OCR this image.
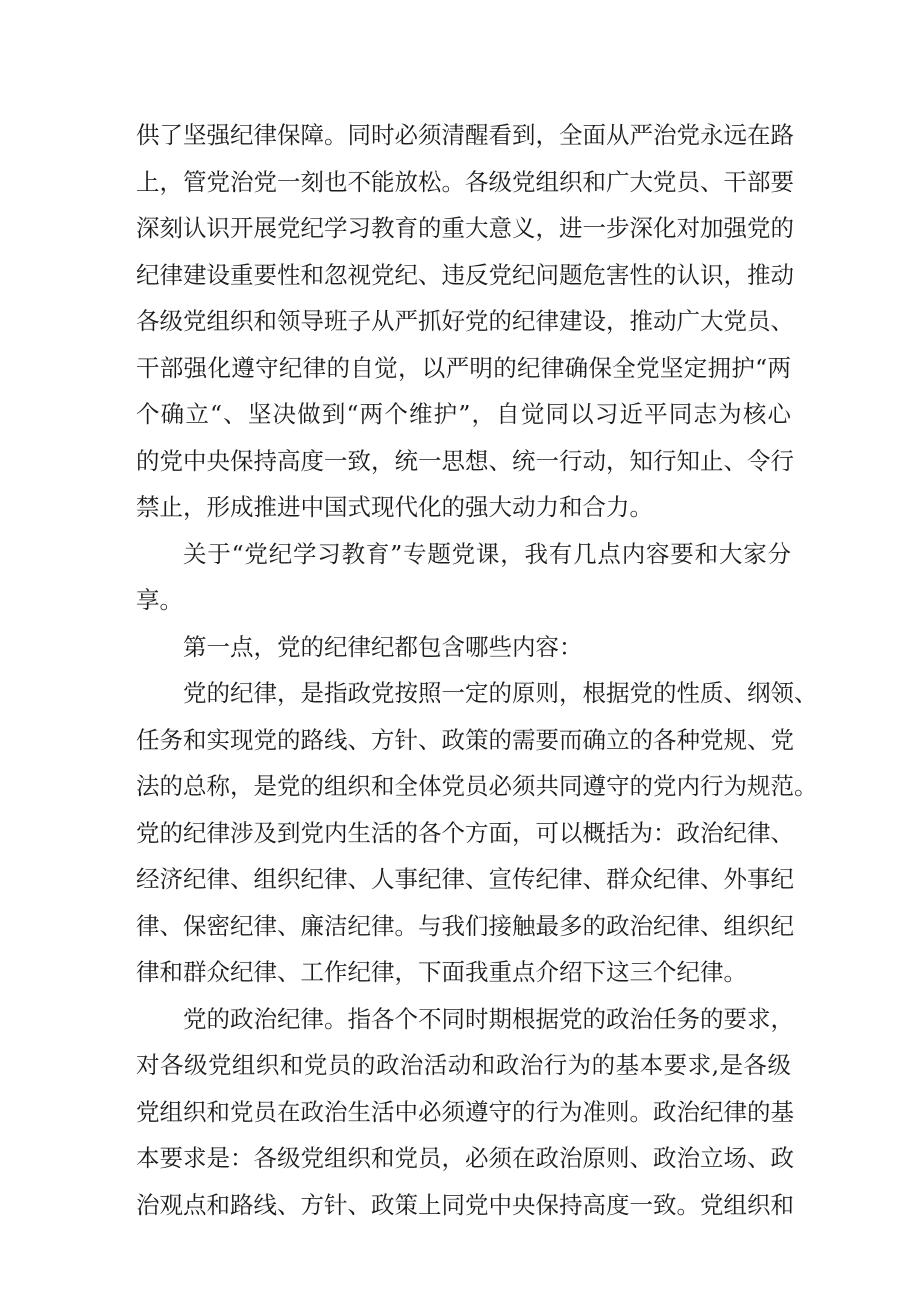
供了坚强纪律保障。同时必须清醒看到，全面从严治党永远在路
上，管党治党一刻也不能放松。各级党组织和广大党员、干部要
深刻认识开展党纪学习教育的重大意义，进一步深化对加强党的
纪律建设重要性和忽视党纪、违反党纪问题危害性的认识，推动
各级党组织和领导班子从严抓好党的纪律建设，推动广大党员、
干部强化遵守纪律的自觉，以严明的纪律确保全党坚定拥护“两
个确立“、坚决做到“两个维护”，自觉同以习近平同志为核心
的党中央保持高度一致，统一思想、统一行动，知行知止、令行
禁止，形成推进中国式现代化的强大动力和合力。
关于“党纪学习教育”专题党课，我有几点内容要和大家分
享。
第一点，党的纪律纪都包含哪些内容：
党的纪律，是指政党按照一定的原则，根据党的性质、纲领、
任务和实现党的路线、方针、政策的需要而确立的各种党规、党
法的总称，是党的组织和全体党员必须共同遵守的党内行为规范。
党的纪律涉及到党内生活的各个方面，可以概括为：政治纪律、
经济纪律、组织纪律、人事纪律、宣传纪律、群众纪律、外事纪
律、保密纪律、廉洁纪律。与我们接触最多的政治纪律、组织纪
律和群众纪律、工作纪律，下面我重点介绍下这三个纪律。
党的政治纪律。指各个不同时期根据党的政治任务的要求，
对各级党组织和党员的政治活动和政治行为的基本要求,是各级
党组织和党员在政治生活中必须遵守的行为准则。政治纪律的基
本要求是：各级党组织和党员，必须在政治原则、政治立场、政
治观点和路线、方针、政策上同党中央保持高度一致。党组织和
